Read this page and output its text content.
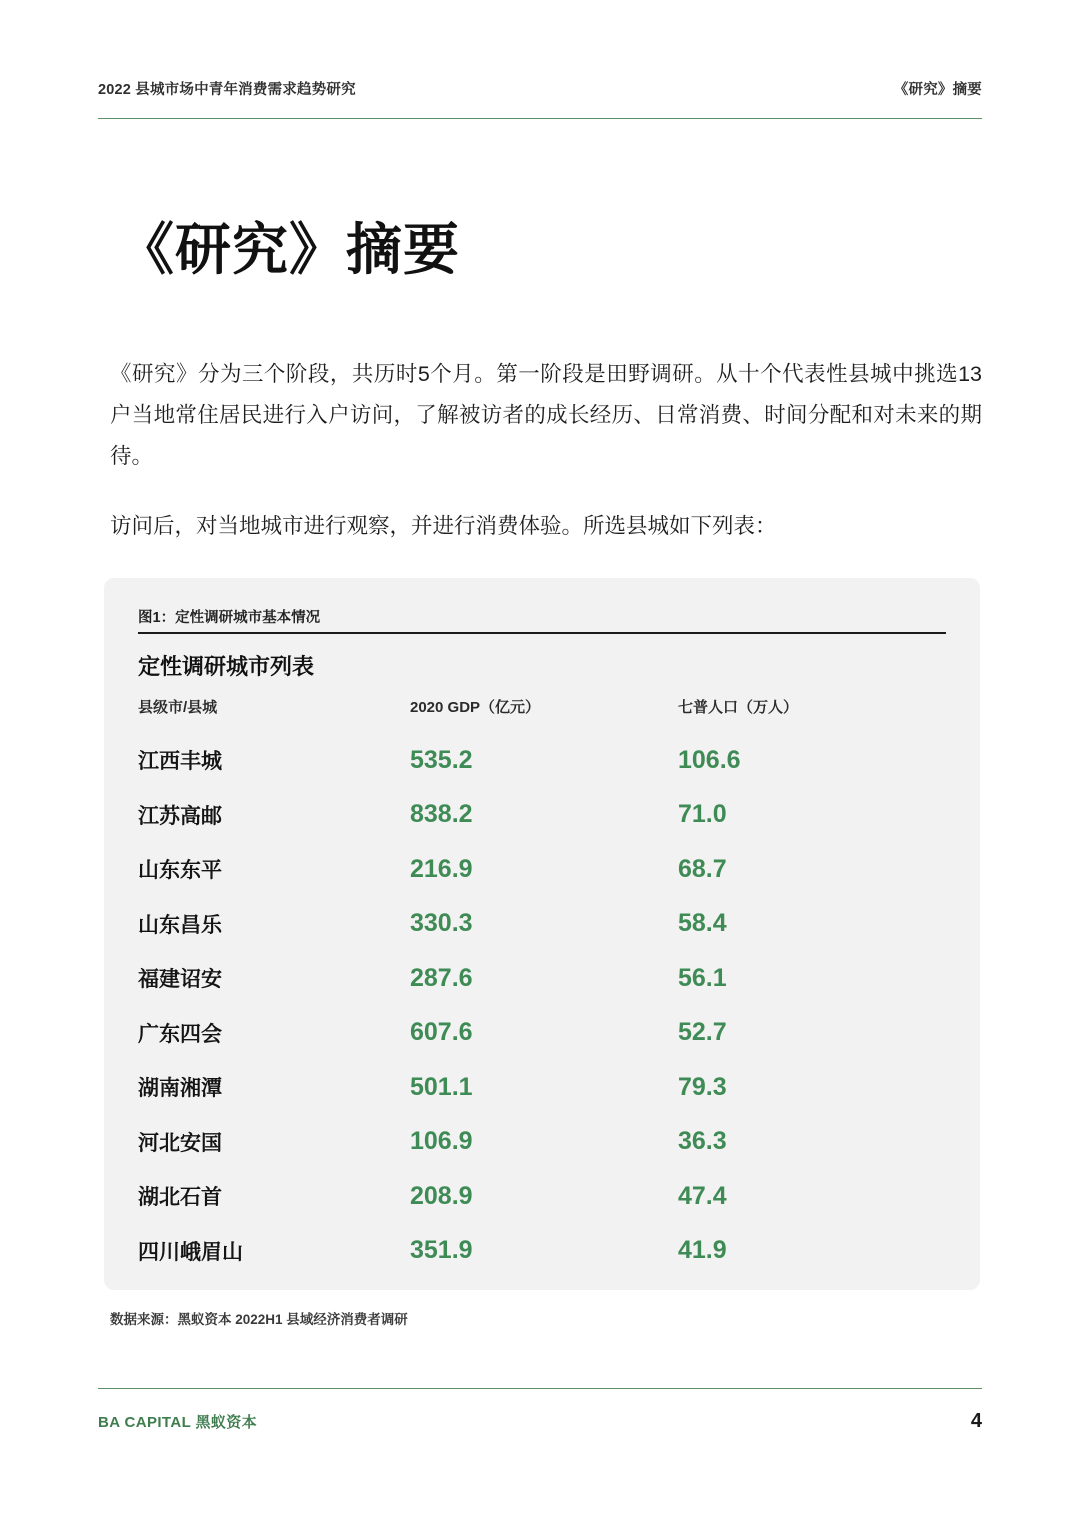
2022 县城市场中青年消费需求趋势研究	《研究》摘要
《研究》摘要

《研究》分为三个阶段，共历时5个月。第一阶段是田野调研。从十个代表性县城中挑选13户当地常住居民进行入户访问，了解被访者的成长经历、日常消费、时间分配和对未来的期待。

访问后，对当地城市进行观察，并进行消费体验。所选县城如下列表：

图1：定性调研城市基本情况
定性调研城市列表
县级市/县城	2020 GDP（亿元）	七普人口（万人）
江西丰城	535.2	106.6
江苏高邮	838.2	71.0
山东东平	216.9	68.7
山东昌乐	330.3	58.4
福建诏安	287.6	56.1
广东四会	607.6	52.7
湖南湘潭	501.1	79.3
河北安国	106.9	36.3
湖北石首	208.9	47.4
四川峨眉山	351.9	41.9
数据来源：黑蚁资本 2022H1 县域经济消费者调研
BA CAPITAL 黑蚁资本	4
